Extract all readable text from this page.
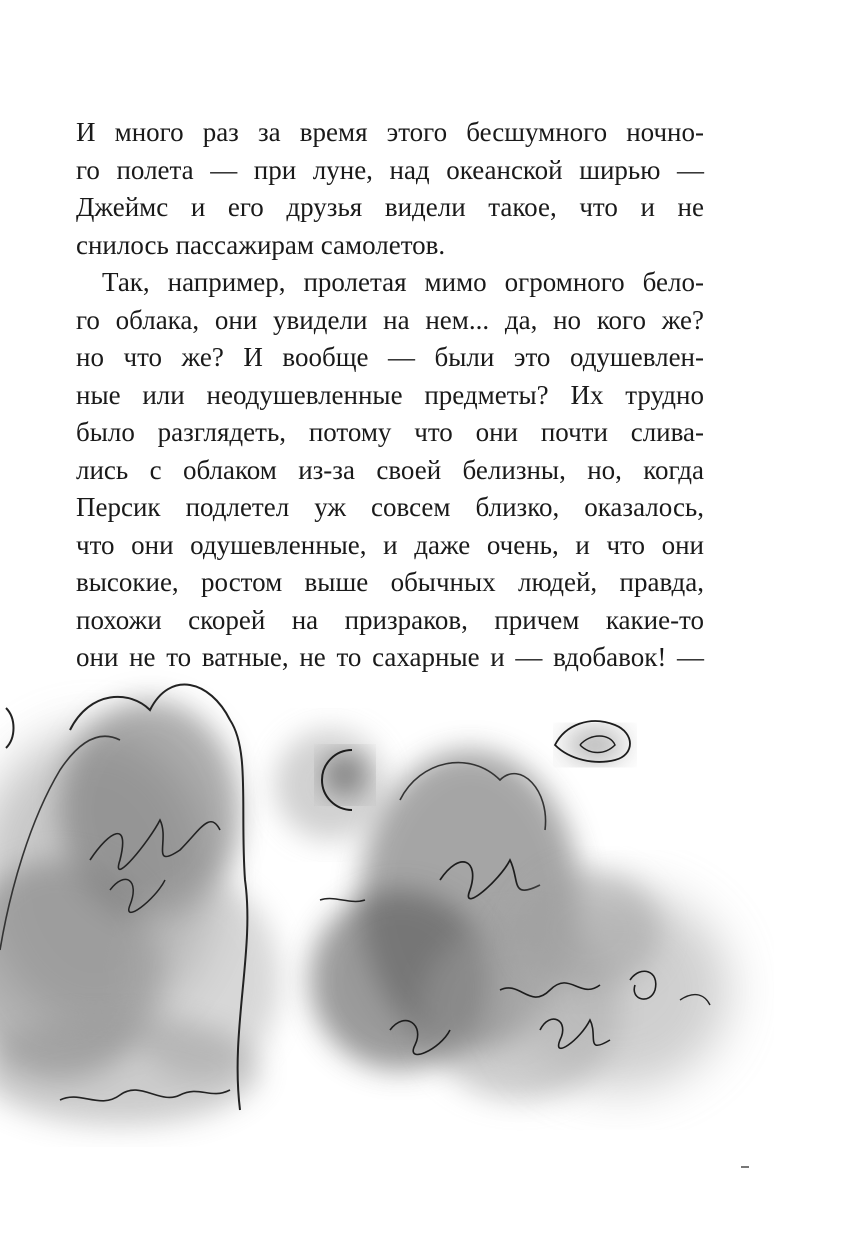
И много раз за время этого бесшумного ночно-
го полета — при луне, над океанской ширью —
Джеймс и его друзья видели такое, что и не
снилось пассажирам самолетов.
Так, например, пролетая мимо огромного бело-
го облака, они увидели на нем... да, но кого же?
но что же? И вообще — были это одушевлен-
ные или неодушевленные предметы? Их трудно
было разглядеть, потому что они почти слива-
лись с облаком из-за своей белизны, но, когда
Персик подлетел уж совсем близко, оказалось,
что они одушевленные, и даже очень, и что они
высокие, ростом выше обычных людей, правда,
похожи скорей на призраков, причем какие-то
они не то ватные, не то сахарные и — вдобавок! —
